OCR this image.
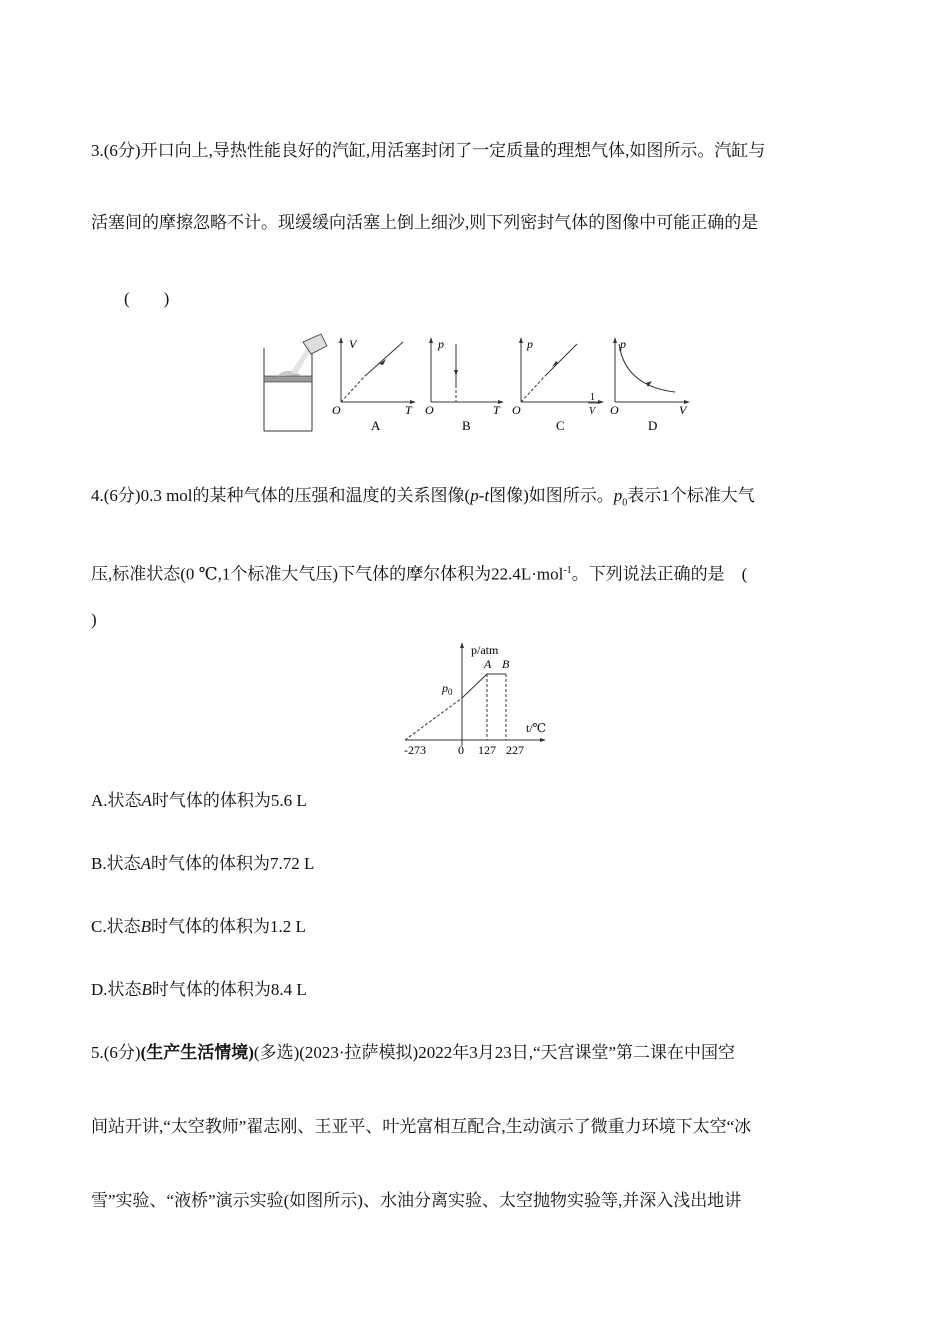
3.(6分)开口向上,导热性能良好的汽缸,用活塞封闭了一定质量的理想气体,如图所示。汽缸与
活塞间的摩擦忽略不计。现缓缓向活塞上倒上细沙,则下列密封气体的图像中可能正确的是
(　　)
V
O	T
A
p
O	T
B
p
O
1
V
C
p
O	V
D
4.(6分)0.3 mol的某种气体的压强和温度的关系图像(p-t图像)如图所示。$p_0$表示1个标准大气
压,标准状态(0 ℃,1个标准大气压)下气体的摩尔体积为22.4L·mol$^{-1}$。下列说法正确的是　(
)
p/atm
t/℃
$p_0$
A B
-273	0 127 227
A.状态A时气体的体积为5.6 L
B.状态A时气体的体积为7.72 L
C.状态B时气体的体积为1.2 L
D.状态B时气体的体积为8.4 L
5.(6分)(生产生活情境)(多选)(2023·拉萨模拟)2022年3月23日,“天宫课堂”第二课在中国空
间站开讲,“太空教师”翟志刚、王亚平、叶光富相互配合,生动演示了微重力环境下太空“冰
雪”实验、“液桥”演示实验(如图所示)、水油分离实验、太空抛物实验等,并深入浅出地讲
